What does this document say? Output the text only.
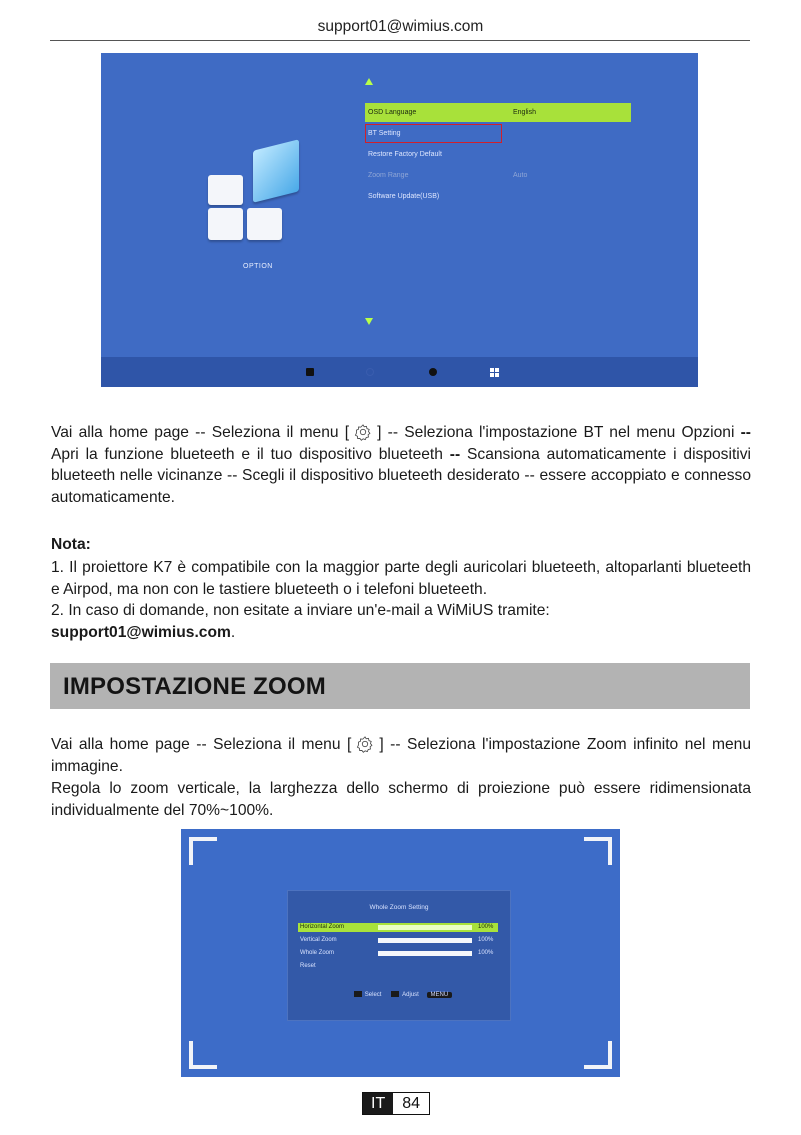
support01@wimius.com
OSD Language	English
BT Setting
Restore Factory Default
Zoom Range	Auto
Software Update(USB)
OPTION

Vai alla home page -- Seleziona il menu [ ] -- Seleziona l'impostazione BT nel menu Opzioni -- Apri la funzione blueteeth e il tuo dispositivo blueteeth -- Scansiona automaticamente i dispositivi blueteeth nelle vicinanze -- Scegli il dispositivo blueteeth desiderato -- essere accoppiato e connesso automaticamente.

Nota:

1. Il proiettore K7 è compatibile con la maggior parte degli auricolari blueteeth, altoparlanti blueteeth e Airpod, ma non con le tastiere blueteeth o i telefoni blueteeth.

2. In caso di domande, non esitate a inviare un'e-mail a WiMiUS tramite:
support01@wimius.com.

IMPOSTAZIONE ZOOM

Vai alla home page -- Seleziona il menu [ ] -- Seleziona l'impostazione Zoom infinito nel menu immagine.

Regola lo zoom verticale, la larghezza dello schermo di proiezione può essere ridimensionata individualmente del 70%~100%.

Whole Zoom Setting
Horizontal Zoom	100%
Vertical Zoom	100%
Whole Zoom	100%
Reset
Select	Adjust MENU
IT	84
